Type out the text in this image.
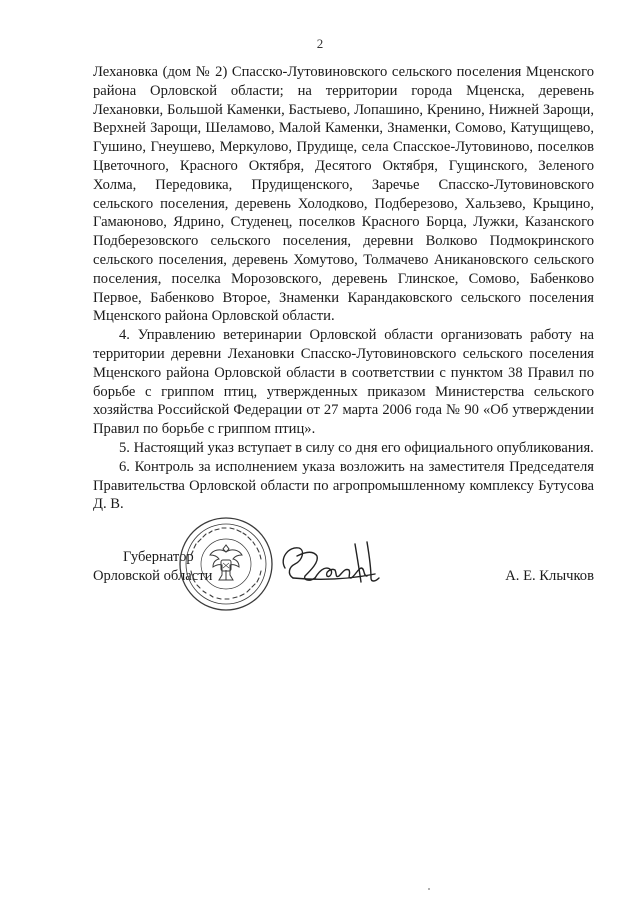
2

Лехановка (дом № 2) Спасско-Лутовиновского сельского поселения Мценского района Орловской области; на территории города Мценска, деревень Лехановки, Большой Каменки, Бастыево, Лопашино, Кренино, Нижней Зарощи, Верхней Зарощи, Шеламово, Малой Каменки, Знаменки, Сомово, Катущищево, Гушино, Гнеушево, Меркулово, Прудище, села Спасское-Лутовиново, поселков Цветочного, Красного Октября, Десятого Октября, Гущинского, Зеленого Холма, Передовика, Прудищенского, Заречье Спасско-Лутовиновского сельского поселения, деревень Холодково, Подберезово, Хальзево, Крыцино, Гамаюново, Ядрино, Студенец, поселков Красного Борца, Лужки, Казанского Подберезовского сельского поселения, деревни Волково Подмокринского сельского поселения, деревень Хомутово, Толмачево Аникановского сельского поселения, поселка Морозовского, деревень Глинское, Сомово, Бабенково Первое, Бабенково Второе, Знаменки Карандаковского сельского поселения Мценского района Орловской области.

4. Управлению ветеринарии Орловской области организовать работу на территории деревни Лехановки Спасско-Лутовиновского сельского поселения Мценского района Орловской области в соответствии с пунктом 38 Правил по борьбе с гриппом птиц, утвержденных приказом Министерства сельского хозяйства Российской Федерации от 27 марта 2006 года № 90 «Об утверждении Правил по борьбе с гриппом птиц».

5. Настоящий указ вступает в силу со дня его официального опубликования.

6. Контроль за исполнением указа возложить на заместителя Председателя Правительства Орловской области по агропромышленному комплексу Бутусова Д. В.

Губернатор
Орловской области	А. Е. Клычков
